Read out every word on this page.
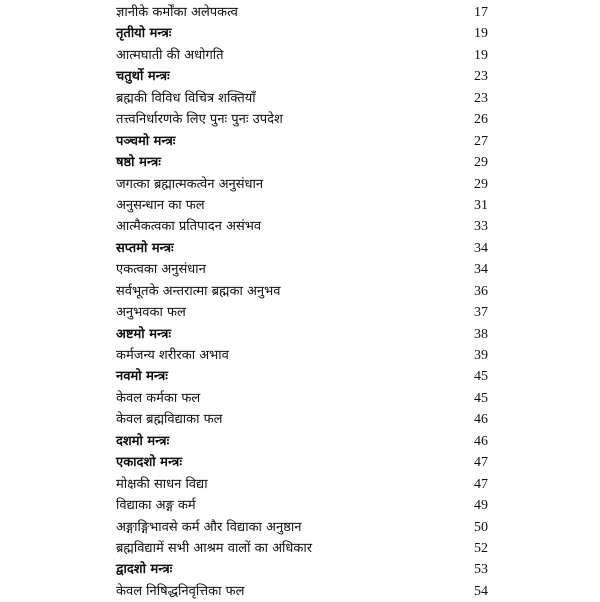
ज्ञानीके कर्मोंका अलेपकत्व	17
तृतीयो मन्त्रः	19
आत्मघाती की अधोगति	19
चतुर्थो मन्त्रः	23
ब्रह्मकी विविध विचित्र शक्तियाँ	23
तत्त्वनिर्धारणके लिए पुनः पुनः उपदेश	26
पञ्चमो मन्त्रः	27
षष्ठो मन्त्रः	29
जगत्का ब्रह्मात्मकत्वेन अनुसंधान	29
अनुसन्धान का फल	31
आत्मैकत्वका प्रतिपादन असंभव	33
सप्तमो मन्त्रः	34
एकत्वका अनुसंधान	34
सर्वभूतके अन्तरात्मा ब्रह्मका अनुभव	36
अनुभवका फल	37
अष्टमो मन्त्रः	38
कर्मजन्य शरीरका अभाव	39
नवमो मन्त्रः	45
केवल कर्मका फल	45
केवल ब्रह्मविद्याका फल	46
दशमो मन्त्रः	46
एकादशो मन्त्रः	47
मोक्षकी साधन विद्या	47
विद्याका अङ्ग कर्म	49
अङ्गाङ्गिभावसे कर्म और विद्याका अनुष्ठान	50
ब्रह्मविद्यामें सभी आश्रम वालों का अधिकार	52
द्वादशो मन्त्रः	53
केवल निषिद्धनिवृत्तिका फल	54
